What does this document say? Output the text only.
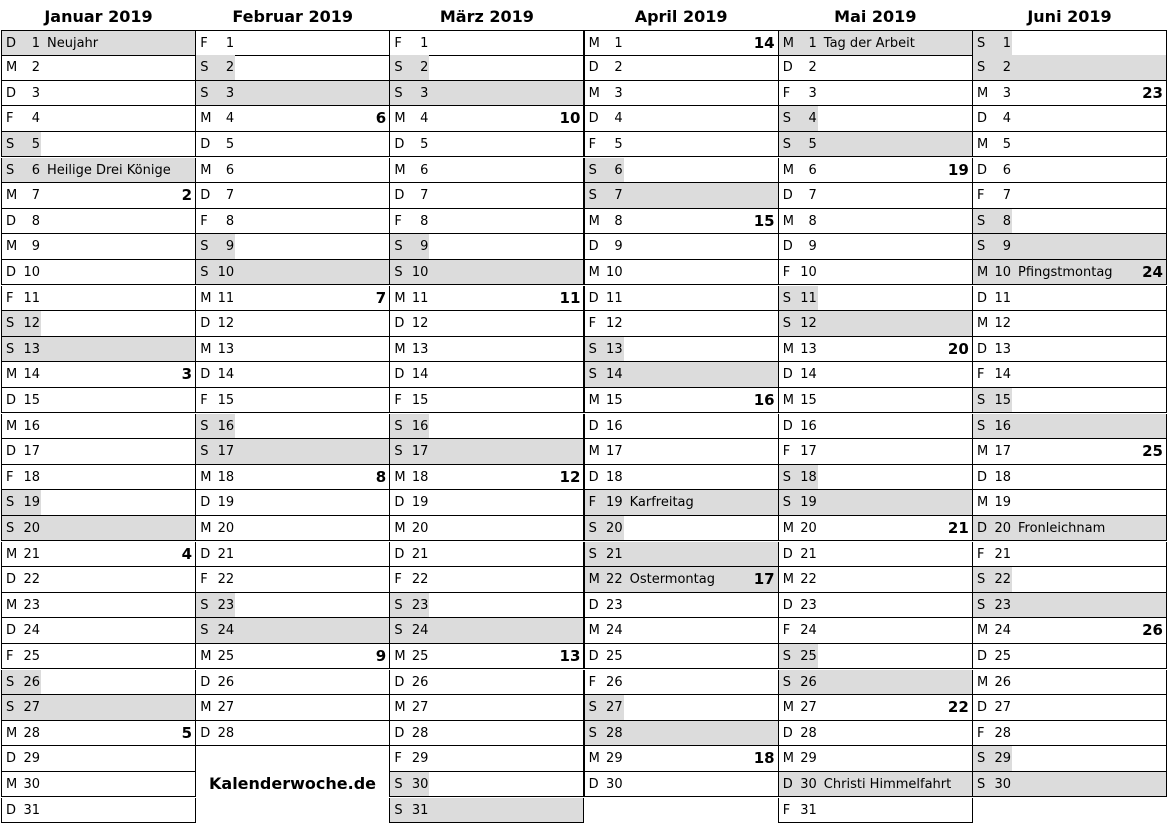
Januar 2019
D	1 Neujahr
M	2
D	3
F	4
S	5
S	6 Heilige Drei Könige
M	7	2
D	8
M	9
D 10
F 11
S 12
S 13
M 14	3
D 15
M 16
D 17
F 18
S 19
S 20
M 21	4
D 22
M 23
D 24
F 25
S 26
S 27
M 28	5
D 29
M 30
D 31
Februar 2019
F	1
S	2
S	3
M	4	6
D	5
M	6
D	7
F	8
S	9
S 10
M 11	7
D 12
M 13
D 14
F 15
S 16
S 17
M 18	8
D 19
M 20
D 21
F 22
S 23
S 24
M 25	9
D 26
M 27
D 28
März 2019
F	1
S	2
S	3
M	4	10
D	5
M	6
D	7
F	8
S	9
S 10
M 11	11
D 12
M 13
D 14
F 15
S 16
S 17
M 18	12
D 19
M 20
D 21
F 22
S 23
S 24
M 25	13
D 26
M 27
D 28
F 29
S 30
S 31
April 2019
M	1	14
D	2
M	3
D	4
F	5
S	6
S	7
M	8	15
D	9
M 10
D 11
F 12
S 13
S 14
M 15	16
D 16
M 17
D 18
F 19 Karfreitag
S 20
S 21
M 22 Ostermontag	17
D 23
M 24
D 25
F 26
S 27
S 28
M 29	18
D 30
Mai 2019
M	1 Tag der Arbeit
D	2
F	3
S	4
S	5
M	6	19
D	7
M	8
D	9
F 10
S 11
S 12
M 13	20
D 14
M 15
D 16
F 17
S 18
S 19
M 20	21
D 21
M 22
D 23
F 24
S 25
S 26
M 27	22
D 28
M 29
D 30 Christi Himmelfahrt
F 31
Juni 2019
S	1
S	2
M	3	23
D	4
M	5
D	6
F	7
S	8
S	9
M 10 Pfingstmontag 24
D 11
M 12
D 13
F 14
S 15
S 16
M 17	25
D 18
M 19
D 20 Fronleichnam
F 21
S 22
S 23
M 24	26
D 25
M 26
D 27
F 28
S 29
S 30
Kalenderwoche.de
